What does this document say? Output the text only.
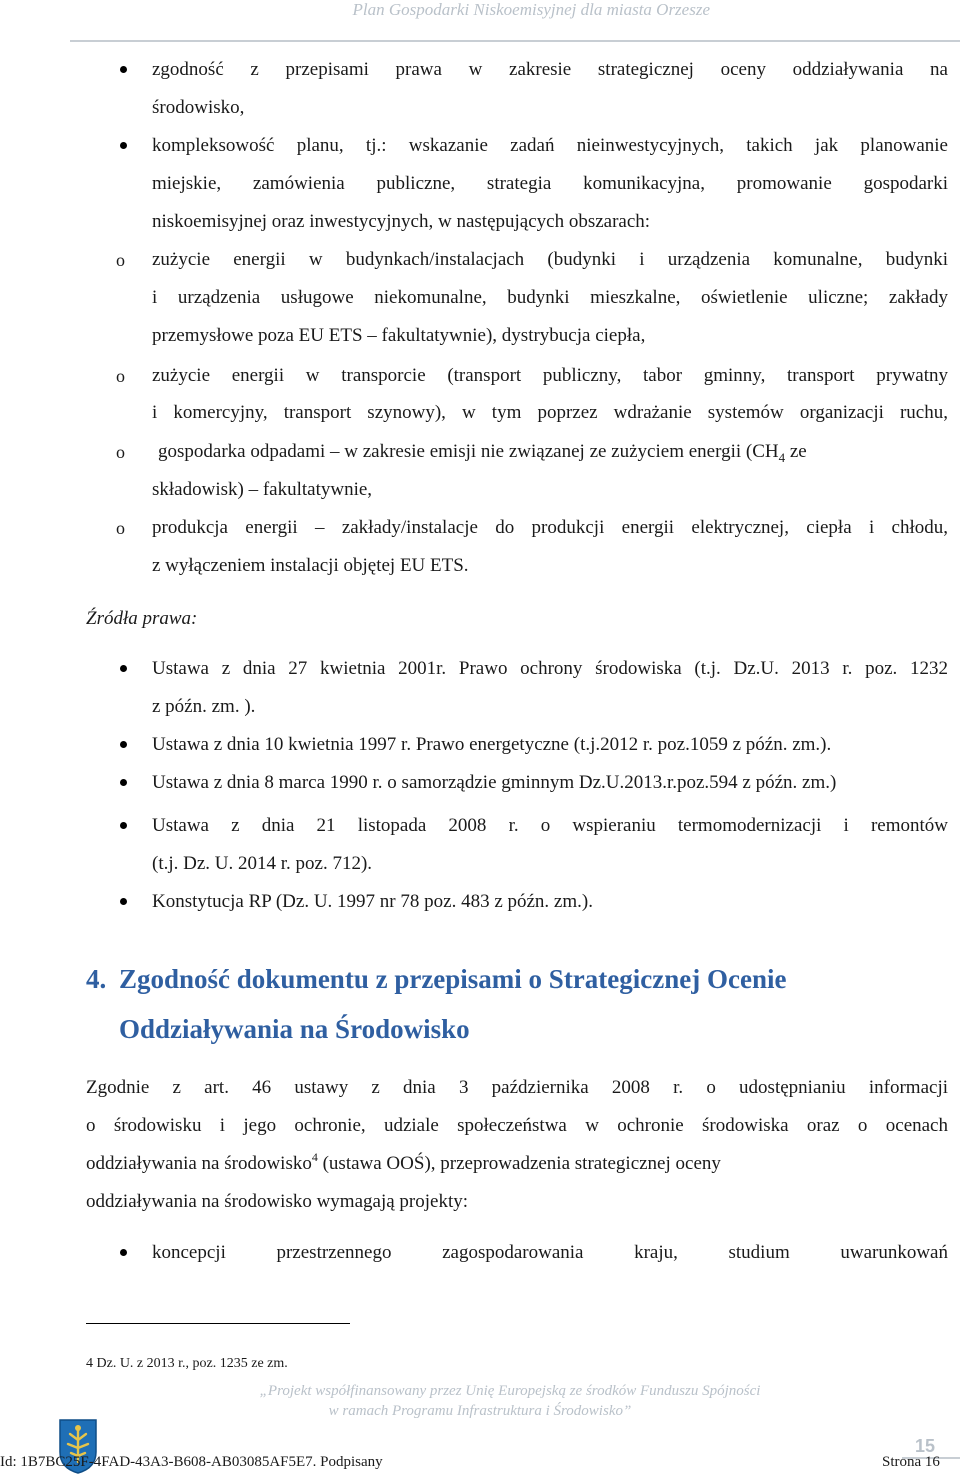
Plan Gospodarki Niskoemisyjnej dla miasta Orzesze
zgodność z przepisami prawa w zakresie strategicznej oceny oddziaływania na
środowisko,
kompleksowość planu, tj.: wskazanie zadań nieinwestycyjnych, takich jak planowanie
miejskie, zamówienia publiczne, strategia komunikacyjna, promowanie gospodarki
niskoemisyjnej oraz inwestycyjnych, w następujących obszarach:
o zużycie energii w budynkach/instalacjach (budynki i urządzenia komunalne, budynki
i urządzenia usługowe niekomunalne, budynki mieszkalne, oświetlenie uliczne; zakłady
przemysłowe poza EU ETS – fakultatywnie), dystrybucja ciepła,
o zużycie energii w transporcie (transport publiczny, tabor gminny, transport prywatny
i komercyjny, transport szynowy), w tym poprzez wdrażanie systemów organizacji ruchu,
o gospodarka odpadami – w zakresie emisji nie związanej ze zużyciem energii ($CH_4$ ze
składowisk) – fakultatywnie,
o produkcja energii – zakłady/instalacje do produkcji energii elektrycznej, ciepła i chłodu,
z wyłączeniem instalacji objętej EU ETS.
Źródła prawa:
Ustawa z dnia 27 kwietnia 2001r. Prawo ochrony środowiska (t.j. Dz.U. 2013 r. poz. 1232
z późn. zm. ).
Ustawa z dnia 10 kwietnia 1997 r. Prawo energetyczne (t.j.2012 r. poz.1059 z późn. zm.).
Ustawa z dnia 8 marca 1990 r. o samorządzie gminnym Dz.U.2013.r.poz.594 z późn. zm.)
Ustawa z dnia 21 listopada 2008 r. o wspieraniu termomodernizacji i remontów
(t.j. Dz. U. 2014 r. poz. 712).
Konstytucja RP (Dz. U. 1997 nr 78 poz. 483 z późn. zm.).
4. Zgodność dokumentu z przepisami o Strategicznej Ocenie
Oddziaływania na Środowisko
Zgodnie z art. 46 ustawy z dnia 3 października 2008 r. o udostępnianiu informacji
o środowisku i jego ochronie, udziale społeczeństwa w ochronie środowiska oraz o ocenach
oddziaływania na środowisko$^4$ (ustawa OOŚ), przeprowadzenia strategicznej oceny
oddziaływania na środowisko wymagają projekty:
koncepcji przestrzennego zagospodarowania kraju, studium uwarunkowań
4 Dz. U. z 2013 r., poz. 1235 ze zm.
„Projekt współfinansowany przez Unię Europejską ze środków Funduszu Spójności
w ramach Programu Infrastruktura i Środowisko”
15
Id: 1B7BC25F-4FAD-43A3-B608-AB03085AF5E7. Podpisany	Strona 16
